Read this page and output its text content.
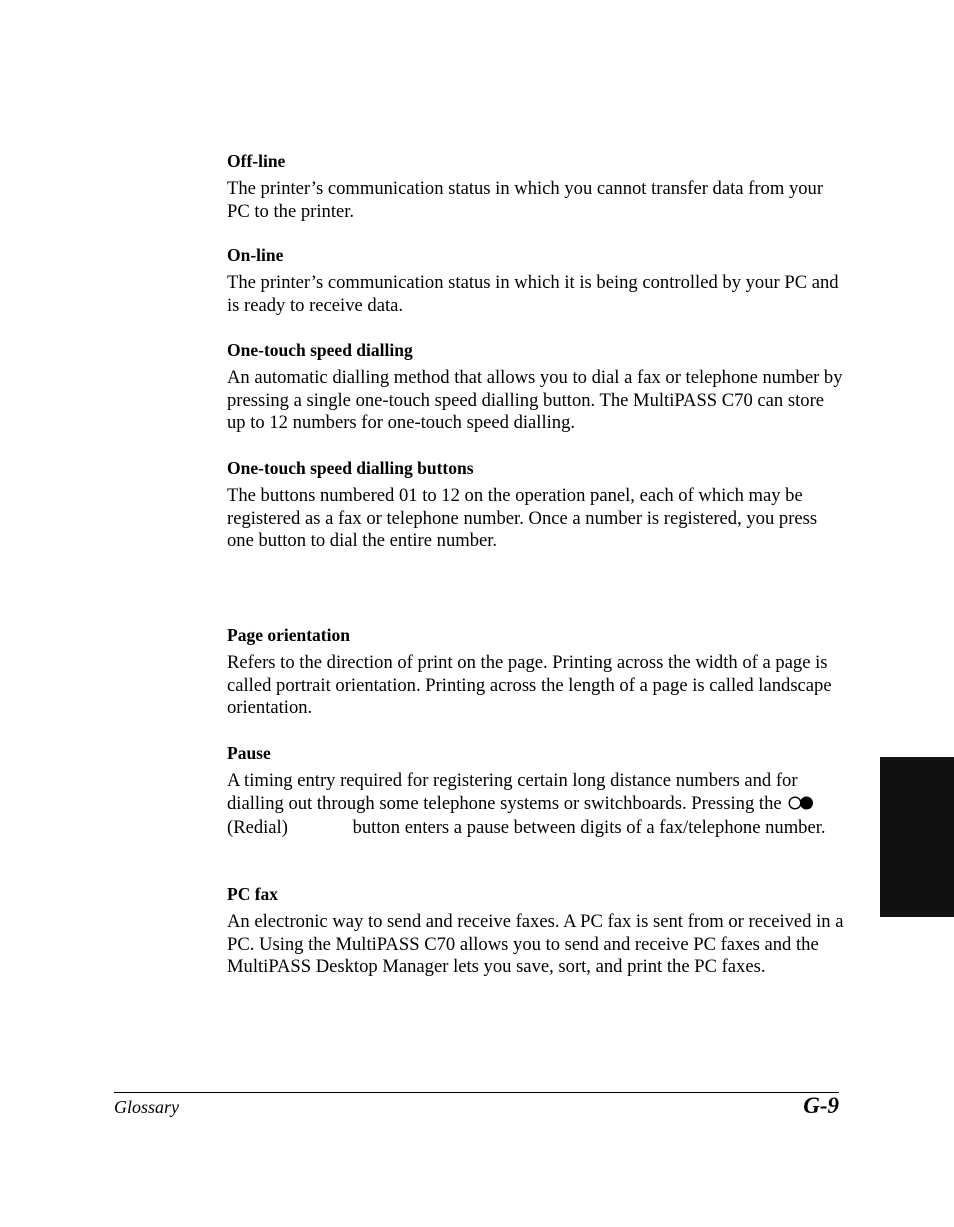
Off-line

The printer’s communication status in which you cannot transfer data from your PC to the printer.

On-line

The printer’s communication status in which it is being controlled by your PC and is ready to receive data.

One-touch speed dialling

An automatic dialling method that allows you to dial a fax or telephone number by pressing a single one-touch speed dialling button. The MultiPASS C70 can store up to 12 numbers for one-touch speed dialling.

One-touch speed dialling buttons

The buttons numbered 01 to 12 on the operation panel, each of which may be registered as a fax or telephone number. Once a number is registered, you press one button to dial the entire number.

Page orientation

Refers to the direction of print on the page. Printing across the width of a page is called portrait orientation. Printing across the length of a page is called landscape orientation.

Pause

A timing entry required for registering certain long distance numbers and for dialling out through some telephone systems or switchboards. Pressing the  (Redial)	button enters a pause between digits of a fax/telephone number.

PC fax

An electronic way to send and receive faxes. A PC fax is sent from or received in a PC. Using the MultiPASS C70 allows you to send and receive PC faxes and the MultiPASS Desktop Manager lets you save, sort, and print the PC faxes.

Glossary	G-9
